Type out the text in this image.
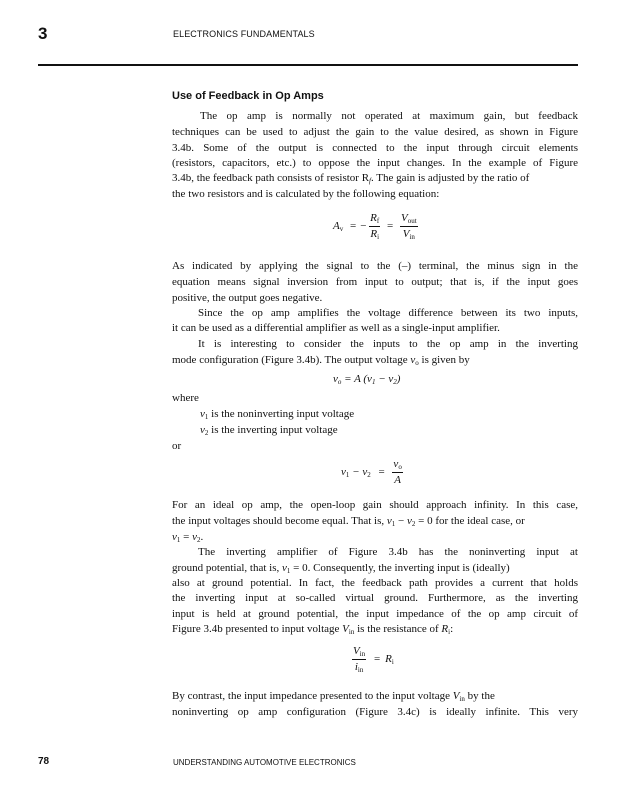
3	ELECTRONICS FUNDAMENTALS
Use of Feedback in Op Amps
The op amp is normally not operated at maximum gain, but feedback
techniques can be used to adjust the gain to the value desired, as shown in Figure
3.4b. Some of the output is connected to the input through circuit elements
(resistors, capacitors, etc.) to oppose the input changes. In the example of Figure
3.4b, the feedback path consists of resistor $R_f$. The gain is adjusted by the ratio of
the two resistors and is calculated by the following equation:
$A_v$ = − $\frac{R_f}{R_i} = \frac{V_{out}}{V_{in}}$
As indicated by applying the signal to the (–) terminal, the minus sign in the
equation means signal inversion from input to output; that is, if the input goes
positive, the output goes negative.
Since the op amp amplifies the voltage difference between its two inputs,
it can be used as a differential amplifier as well as a single-input amplifier.
It is interesting to consider the inputs to the op amp in the inverting
mode configuration (Figure 3.4b). The output voltage $v_o$ is given by
$v_o = A$ $(v_1 - v_2)$
where
$v_1$ is the noninverting input voltage
$v_2$ is the inverting input voltage
or
$v_1 - v_2 = \frac{v_o}{A}$
For an ideal op amp, the open-loop gain should approach infinity. In this case,
the input voltages should become equal. That is, $v_1 - v_2 = 0$ for the ideal case, or
$v_1 = v_2$.
The inverting amplifier of Figure 3.4b has the noninverting input at
ground potential, that is, $v_1 = 0$. Consequently, the inverting input is (ideally)
also at ground potential. In fact, the feedback path provides a current that holds
the inverting input at so-called virtual ground. Furthermore, as the inverting
input is held at ground potential, the input impedance of the op amp circuit of
Figure 3.4b presented to input voltage $V_{in}$ is the resistance of $R_i$:
$\frac{V_{in}}{i_{in}} = R_i$
By contrast, the input impedance presented to the input voltage $V_{in}$ by the
noninverting op amp configuration (Figure 3.4c) is ideally infinite. This very
78	UNDERSTANDING AUTOMOTIVE ELECTRONICS
